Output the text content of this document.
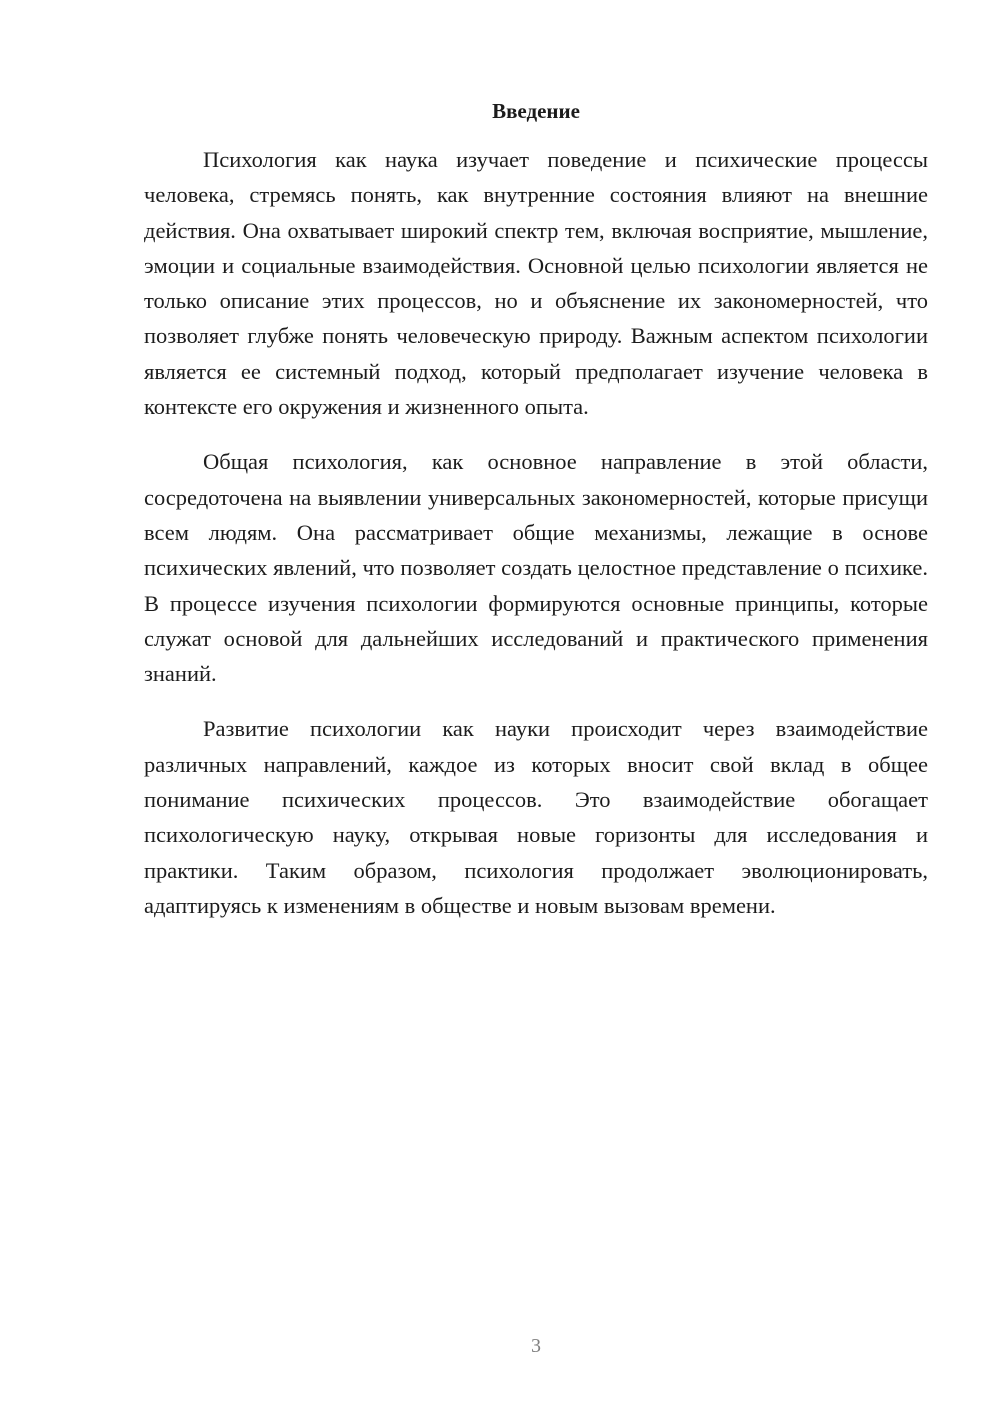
Введение

Психология как наука изучает поведение и психические процессы человека, стремясь понять, как внутренние состояния влияют на внешние действия. Она охватывает широкий спектр тем, включая восприятие, мышление, эмоции и социальные взаимодействия. Основной целью психологии является не только описание этих процессов, но и объяснение их закономерностей, что позволяет глубже понять человеческую природу. Важным аспектом психологии является ее системный подход, который предполагает изучение человека в контексте его окружения и жизненного опыта.

Общая психология, как основное направление в этой области, сосредоточена на выявлении универсальных закономерностей, которые присущи всем людям. Она рассматривает общие механизмы, лежащие в основе психических явлений, что позволяет создать целостное представление о психике. В процессе изучения психологии формируются основные принципы, которые служат основой для дальнейших исследований и практического применения знаний.

Развитие психологии как науки происходит через взаимодействие различных направлений, каждое из которых вносит свой вклад в общее понимание психических процессов. Это взаимодействие обогащает психологическую науку, открывая новые горизонты для исследования и практики. Таким образом, психология продолжает эволюционировать, адаптируясь к изменениям в обществе и новым вызовам времени.

3
